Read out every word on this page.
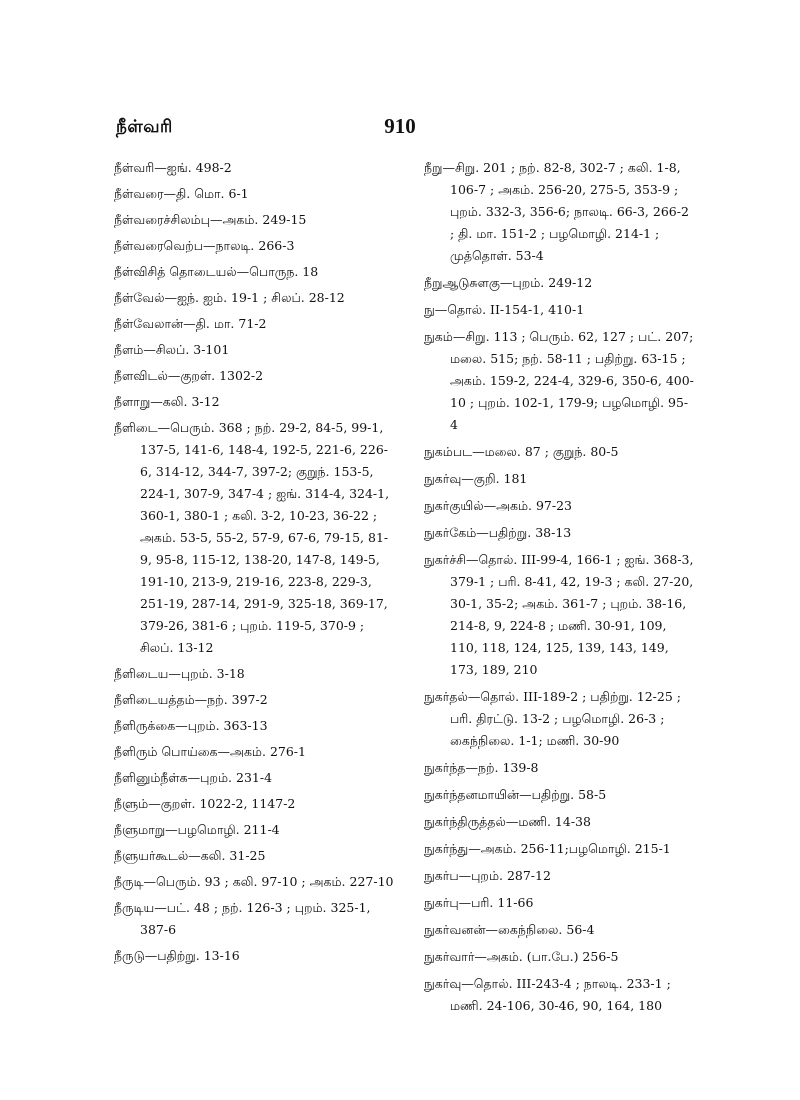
நீள்வரி	910
நீள்வரி—ஐங். 498-2
நீள்வரை—தி. மொ. 6-1
நீள்வரைச்சிலம்பு—அகம். 249-15
நீள்வரைவெற்ப—நாலடி. 266-3
நீள்விசித் தொடையல்—பொருந. 18
நீள்வேல்—ஐந். ஐம். 19-1 ; சிலப். 28-12
நீள்வேலான்—தி. மா. 71-2
நீளம்—சிலப். 3-101
நீளவிடல்—குறள். 1302-2
நீளாறு—கலி. 3-12
நீளிடை—பெரும். 368 ; நற். 29-2, 84-5, 99-1, 137-5, 141-6, 148-4, 192-5, 221-6, 226-6, 314-12, 344-7, 397-2; குறுந். 153-5, 224-1, 307-9, 347-4 ; ஐங். 314-4, 324-1, 360-1, 380-1 ; கலி. 3-2, 10-23, 36-22 ; அகம். 53-5, 55-2, 57-9, 67-6, 79-15, 81-9, 95-8, 115-12, 138-20, 147-8, 149-5, 191-10, 213-9, 219-16, 223-8, 229-3, 251-19, 287-14, 291-9, 325-18, 369-17, 379-26, 381-6 ; புறம். 119-5, 370-9 ; சிலப். 13-12
நீளிடைய—புறம். 3-18
நீளிடையத்தம்—நற். 397-2
நீளிருக்கை—புறம். 363-13
நீளிரும் பொய்கை—அகம். 276-1
நீளினும்நீள்க—புறம். 231-4
நீளும்—குறள். 1022-2, 1147-2
நீளுமாறு—பழமொழி. 211-4
நீளுயர்கூடல்—கலி. 31-25
நீருடி—பெரும். 93 ; கலி. 97-10 ; அகம். 227-10
நீருடிய—பட். 48 ; நற். 126-3 ; புறம். 325-1, 387-6
நீருடு—பதிற்று. 13-16
நீறு—சிறு. 201 ; நற். 82-8, 302-7 ; கலி. 1-8, 106-7 ; அகம். 256-20, 275-5, 353-9 ; புறம். 332-3, 356-6; நாலடி. 66-3, 266-2 ; தி. மா. 151-2 ; பழமொழி. 214-1 ; முத்தொள். 53-4
நீறுஆடுசுளகு—புறம். 249-12
நு—தொல். II-154-1, 410-1
நுகம்—சிறு. 113 ; பெரும். 62, 127 ; பட். 207; மலை. 515; நற். 58-11 ; பதிற்று. 63-15 ; அகம். 159-2, 224-4, 329-6, 350-6, 400-10 ; புறம். 102-1, 179-9; பழமொழி. 95-4
நுகம்பட—மலை. 87 ; குறுந். 80-5
நுகர்வு—குறி. 181
நுகர்குயில்—அகம். 97-23
நுகர்கேம்—பதிற்று. 38-13
நுகர்ச்சி—தொல். III-99-4, 166-1 ; ஐங். 368-3, 379-1 ; பரி. 8-41, 42, 19-3 ; கலி. 27-20, 30-1, 35-2; அகம். 361-7 ; புறம். 38-16, 214-8, 9, 224-8 ; மணி. 30-91, 109, 110, 118, 124, 125, 139, 143, 149, 173, 189, 210
நுகர்தல்—தொல். III-189-2 ; பதிற்று. 12-25 ; பரி. திரட்டு. 13-2 ; பழமொழி. 26-3 ; கைந்நிலை. 1-1; மணி. 30-90
நுகர்ந்த—நற். 139-8
நுகர்ந்தனமாயின்—பதிற்று. 58-5
நுகர்ந்திருத்தல்—மணி. 14-38
நுகர்ந்து—அகம். 256-11;பழமொழி. 215-1
நுகர்ப—புறம். 287-12
நுகர்பு—பரி. 11-66
நுகர்வனன்—கைந்நிலை. 56-4
நுகர்வார்—அகம். (பா.பே.) 256-5
நுகர்வு—தொல். III-243-4 ; நாலடி. 233-1 ; மணி. 24-106, 30-46, 90, 164, 180
